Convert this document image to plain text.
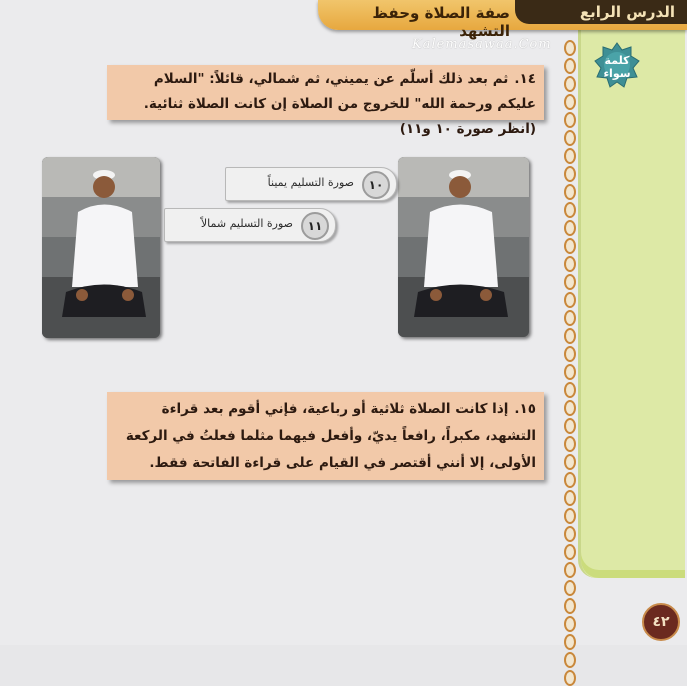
الدرس الرابع
صفة الصلاة وحفظ التشهد
Kalemasawaa.Com
كلمة سواء
١٤.ثم بعد ذلك أسلّم عن يميني، ثم شمالي، قائلاً: "السلام عليكم ورحمة الله" للخروج من الصلاة إن كانت الصلاة ثنائية. (انظر صورة ١٠ و١١)
صورة التسليم يميناً	١٠
صورة التسليم شمالاً	١١
١٥.إذا كانت الصلاة ثلاثية أو رباعية، فإني أقوم بعد قراءة التشهد، مكبراً، رافعاً يديّ، وأفعل فيهما مثلما فعلتُ في الركعة الأولى، إلا أنني أقتصر في القيام على قراءة الفاتحة فقط.
٤٢
